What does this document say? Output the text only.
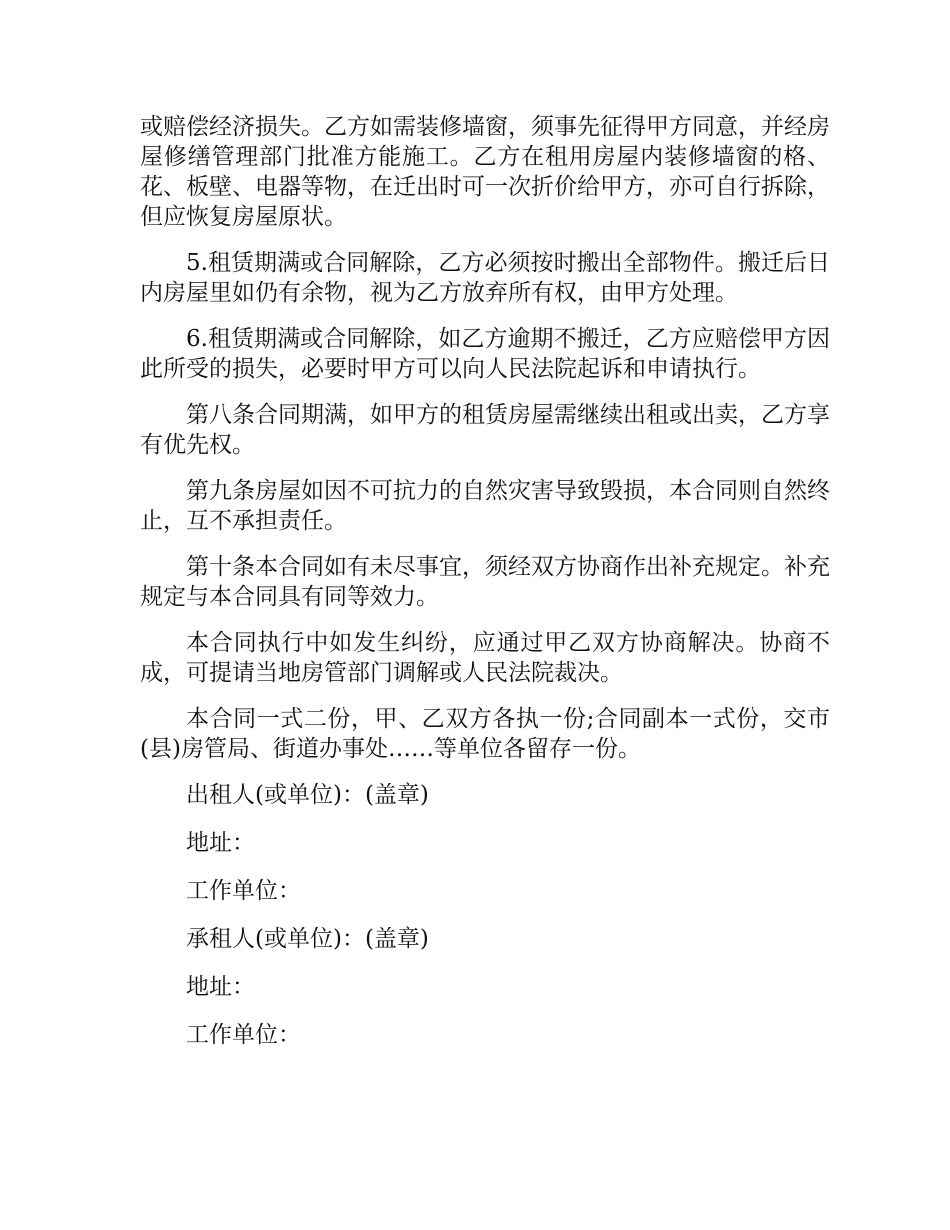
或赔偿经济损失。乙方如需装修墙窗，须事先征得甲方同意，并经房屋修缮管理部门批准方能施工。乙方在租用房屋内装修墙窗的格、花、板壁、电器等物，在迁出时可一次折价给甲方，亦可自行拆除，但应恢复房屋原状。

5.租赁期满或合同解除，乙方必须按时搬出全部物件。搬迁后日内房屋里如仍有余物，视为乙方放弃所有权，由甲方处理。

6.租赁期满或合同解除，如乙方逾期不搬迁，乙方应赔偿甲方因此所受的损失，必要时甲方可以向人民法院起诉和申请执行。

第八条合同期满，如甲方的租赁房屋需继续出租或出卖，乙方享有优先权。

第九条房屋如因不可抗力的自然灾害导致毁损，本合同则自然终止，互不承担责任。

第十条本合同如有未尽事宜，须经双方协商作出补充规定。补充规定与本合同具有同等效力。

本合同执行中如发生纠纷，应通过甲乙双方协商解决。协商不成，可提请当地房管部门调解或人民法院裁决。

本合同一式二份，甲、乙双方各执一份;合同副本一式份，交市(县)房管局、街道办事处……等单位各留存一份。

出租人(或单位)：(盖章)
地址：
工作单位：
承租人(或单位)：(盖章)
地址：
工作单位：
